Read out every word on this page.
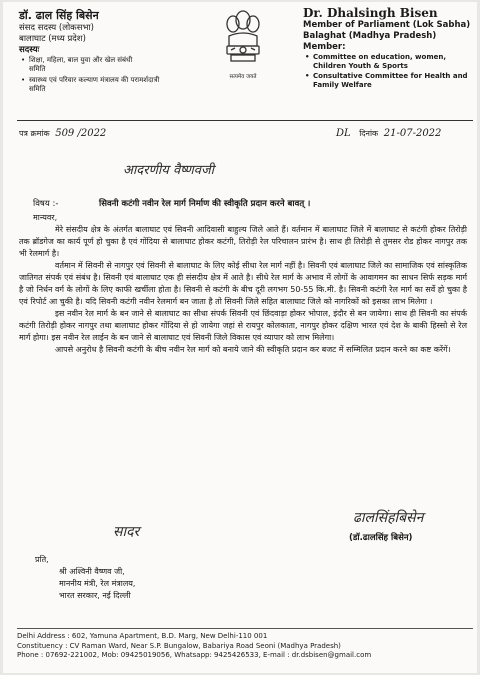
डॉ. ढाल सिंह बिसेन
संसद सदस्य (लोकसभा)
बालाघाट (मध्य प्रदेश)
सदस्यः
• शिक्षा, महिला, बाल युवा और खेल संबंधी समिति
• स्वास्थ्य एवं परिवार कल्याण मंत्रालय की परामर्शदात्री समिति
सत्यमेव जयते
Dr. Dhalsingh Bisen
Member of Parliament (Lok Sabha)
Balaghat (Madhya Pradesh)
Member:
• Committee on education, women, Children Youth & Sports
• Consultative Committee for Health and Family Welfare
पत्र क्रमांक 509 /2022	DL दिनांक 21-07-2022
आदरणीय वैष्णवजी
विषय :-	सिवनी कटंगी नवीन रेल मार्ग निर्माण की स्वीकृति प्रदान करने बावत् ।

मान्यवर,

मेरे संसदीय क्षेत्र के अंतर्गत बालाघाट एवं सिवनी आदिवासी बाहुल्य जिले आते हैं। वर्तमान में बालाघाट जिले में बालाघाट से कटंगी होकर तिरोड़ी तक ब्रॉडगेज का कार्य पूर्ण हो चुका है एवं गोंदिया से बालाघाट होकर कटंगी, तिरोड़ी रेल परिचालन प्रारंभ है। साथ ही तिरोड़ी से तुमसर रोड होकर नागपुर तक भी रेलमार्ग है।

वर्तमान में सिवनी से नागपुर एवं सिवनी से बालाघाट के लिए कोई सीधा रेल मार्ग नहीं है। सिवनी एवं बालाघाट जिले का सामाजिक एवं सांस्कृतिक जातिगत संपर्क एवं संबंध है। सिवनी एवं बालाघाट एक ही संसदीय क्षेत्र में आते है। सीधे रेल मार्ग के अभाव में लोगों के आवागमन का साधन सिर्फ सड़क मार्ग है जो निर्धन वर्ग के लोगों के लिए काफी खर्चीला होता है। सिवनी से कटंगी के बीच दूरी लगभग 50-55 कि.मी. है। सिवनी कटंगी रेल मार्ग का सर्वे हो चुका है एवं रिपोर्ट आ चुकी है। यदि सिवनी कटंगी नवीन रेलमार्ग बन जाता है तो सिवनी जिले सहित बालाघाट जिले को नागरिकों को इसका लाभ मिलेगा ।

इस नवीन रेल मार्ग के बन जाने से बालाघाट का सीधा संपर्क सिवनी एवं छिंदवाड़ा होकर भोपाल, इंदौर से बन जायेगा। साथ ही सिवनी का संपर्क कटंगी तिरोड़ी होकर नागपुर तथा बालाघाट होकर गोंदिया से हो जायेगा जहां से रायपुर कोलकाता, नागपुर होकर दक्षिण भारत एवं देश के बाकी हिस्सो से रेल मार्ग होगा। इस नवीन रेल लाईन के बन जाने से बालाघाट एवं सिवनी जिले विकास एवं व्यापार को लाभ मिलेगा।

आपसे अनुरोध है सिवनी कटंगी के बीच नवीन रेल मार्ग को बनाये जाने की स्वीकृति प्रदान कर बजट में सम्मिलित प्रदान करने का कष्ट करेंगें।

ढालसिंहबिसेन
(डॉ.ढालसिंह बिसेन)
सादर
प्रति,
श्री अश्विनी वैष्णव जी,
माननीय मंत्री, रेल मंत्रालय,
भारत सरकार, नई दिल्ली
Delhi Address : 602, Yamuna Apartment, B.D. Marg, New Delhi-110 001
Constituency : CV Raman Ward, Near S.P. Bungalow, Babariya Road Seoni (Madhya Pradesh)
Phone : 07692-221002, Mob: 09425019056, Whatsapp: 9425426533, E-mail : dr.dsbisen@gmail.com
